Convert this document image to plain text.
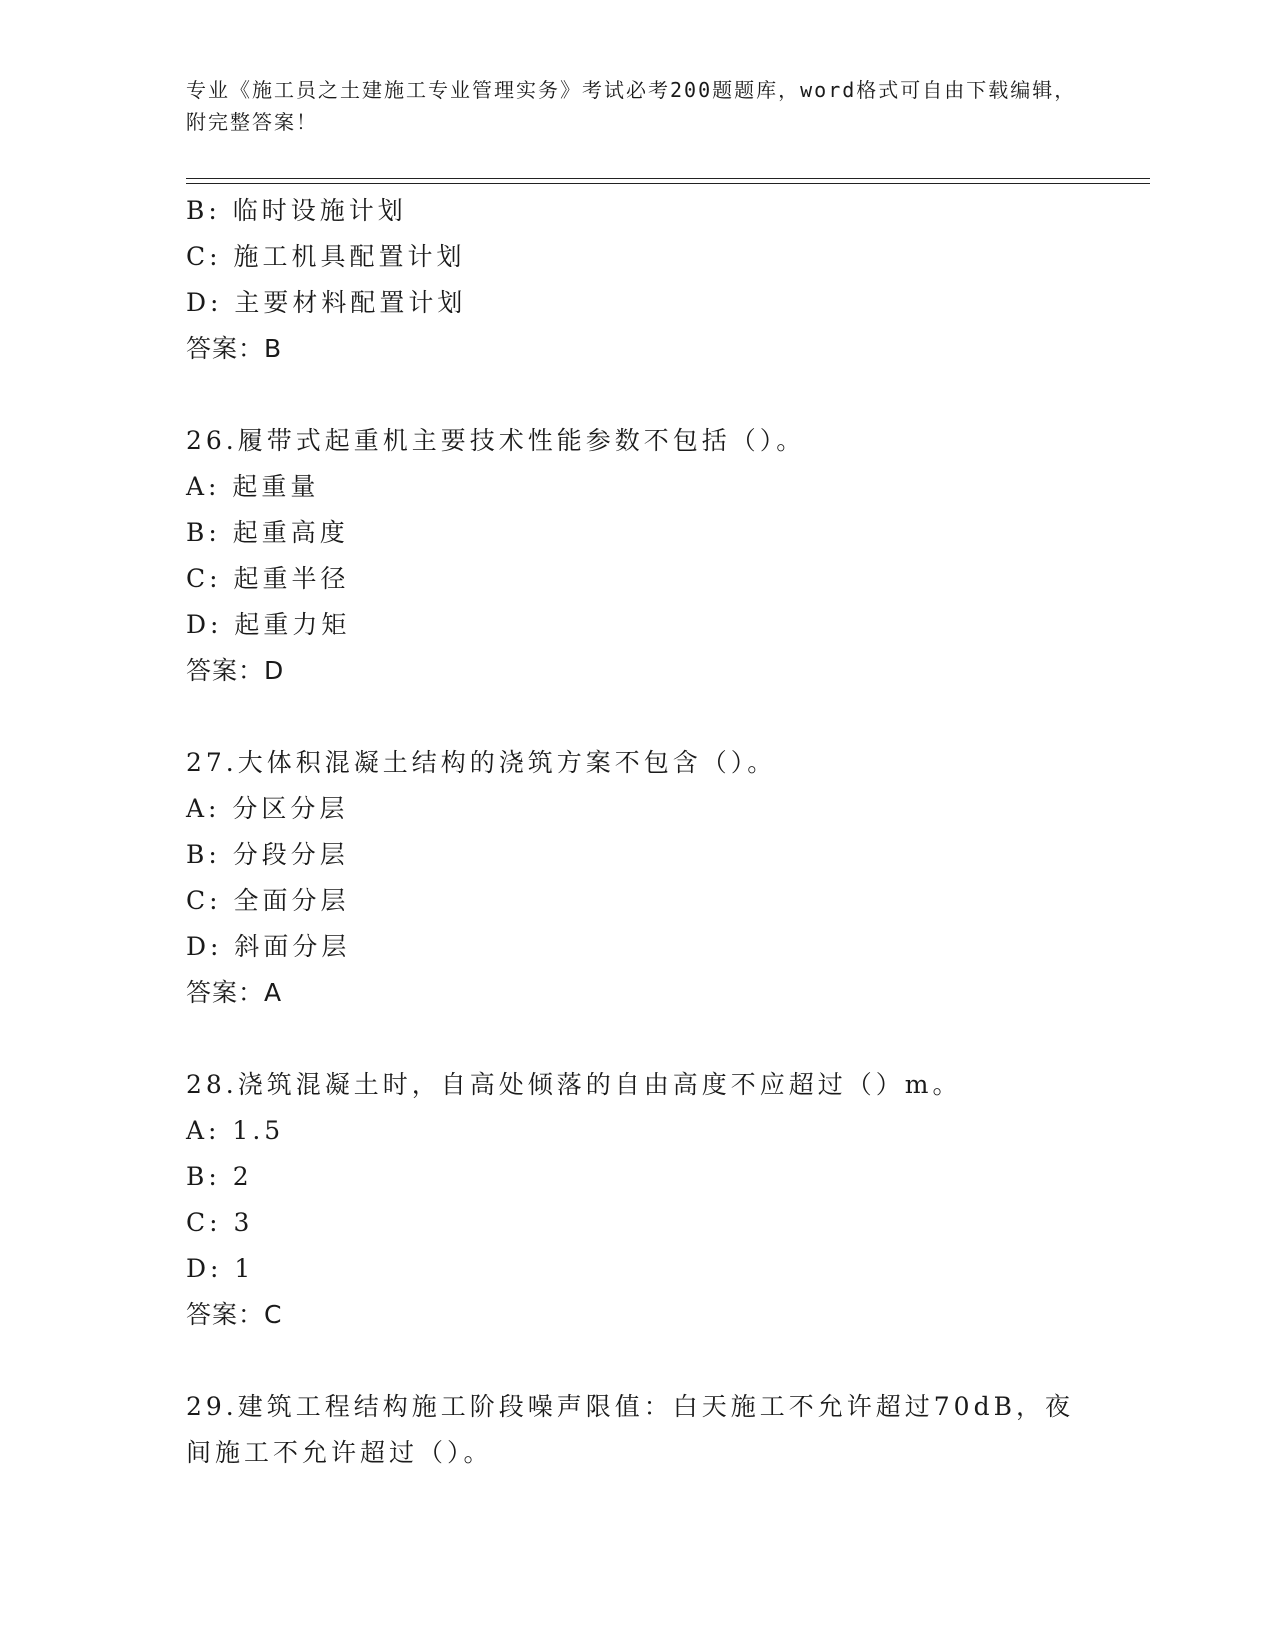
专业《施工员之土建施工专业管理实务》考试必考200题题库，word格式可自由下载编辑，附完整答案！
B: 临时设施计划
C: 施工机具配置计划
D: 主要材料配置计划
答案：B
26.履带式起重机主要技术性能参数不包括（）。
A: 起重量
B: 起重高度
C: 起重半径
D: 起重力矩
答案：D
27.大体积混凝土结构的浇筑方案不包含（）。
A: 分区分层
B: 分段分层
C: 全面分层
D: 斜面分层
答案：A
28.浇筑混凝土时，自高处倾落的自由高度不应超过（）m。
A: 1.5
B: 2
C: 3
D: 1
答案：C
29.建筑工程结构施工阶段噪声限值：白天施工不允许超过70dB，夜间施工不允许超过（）。
